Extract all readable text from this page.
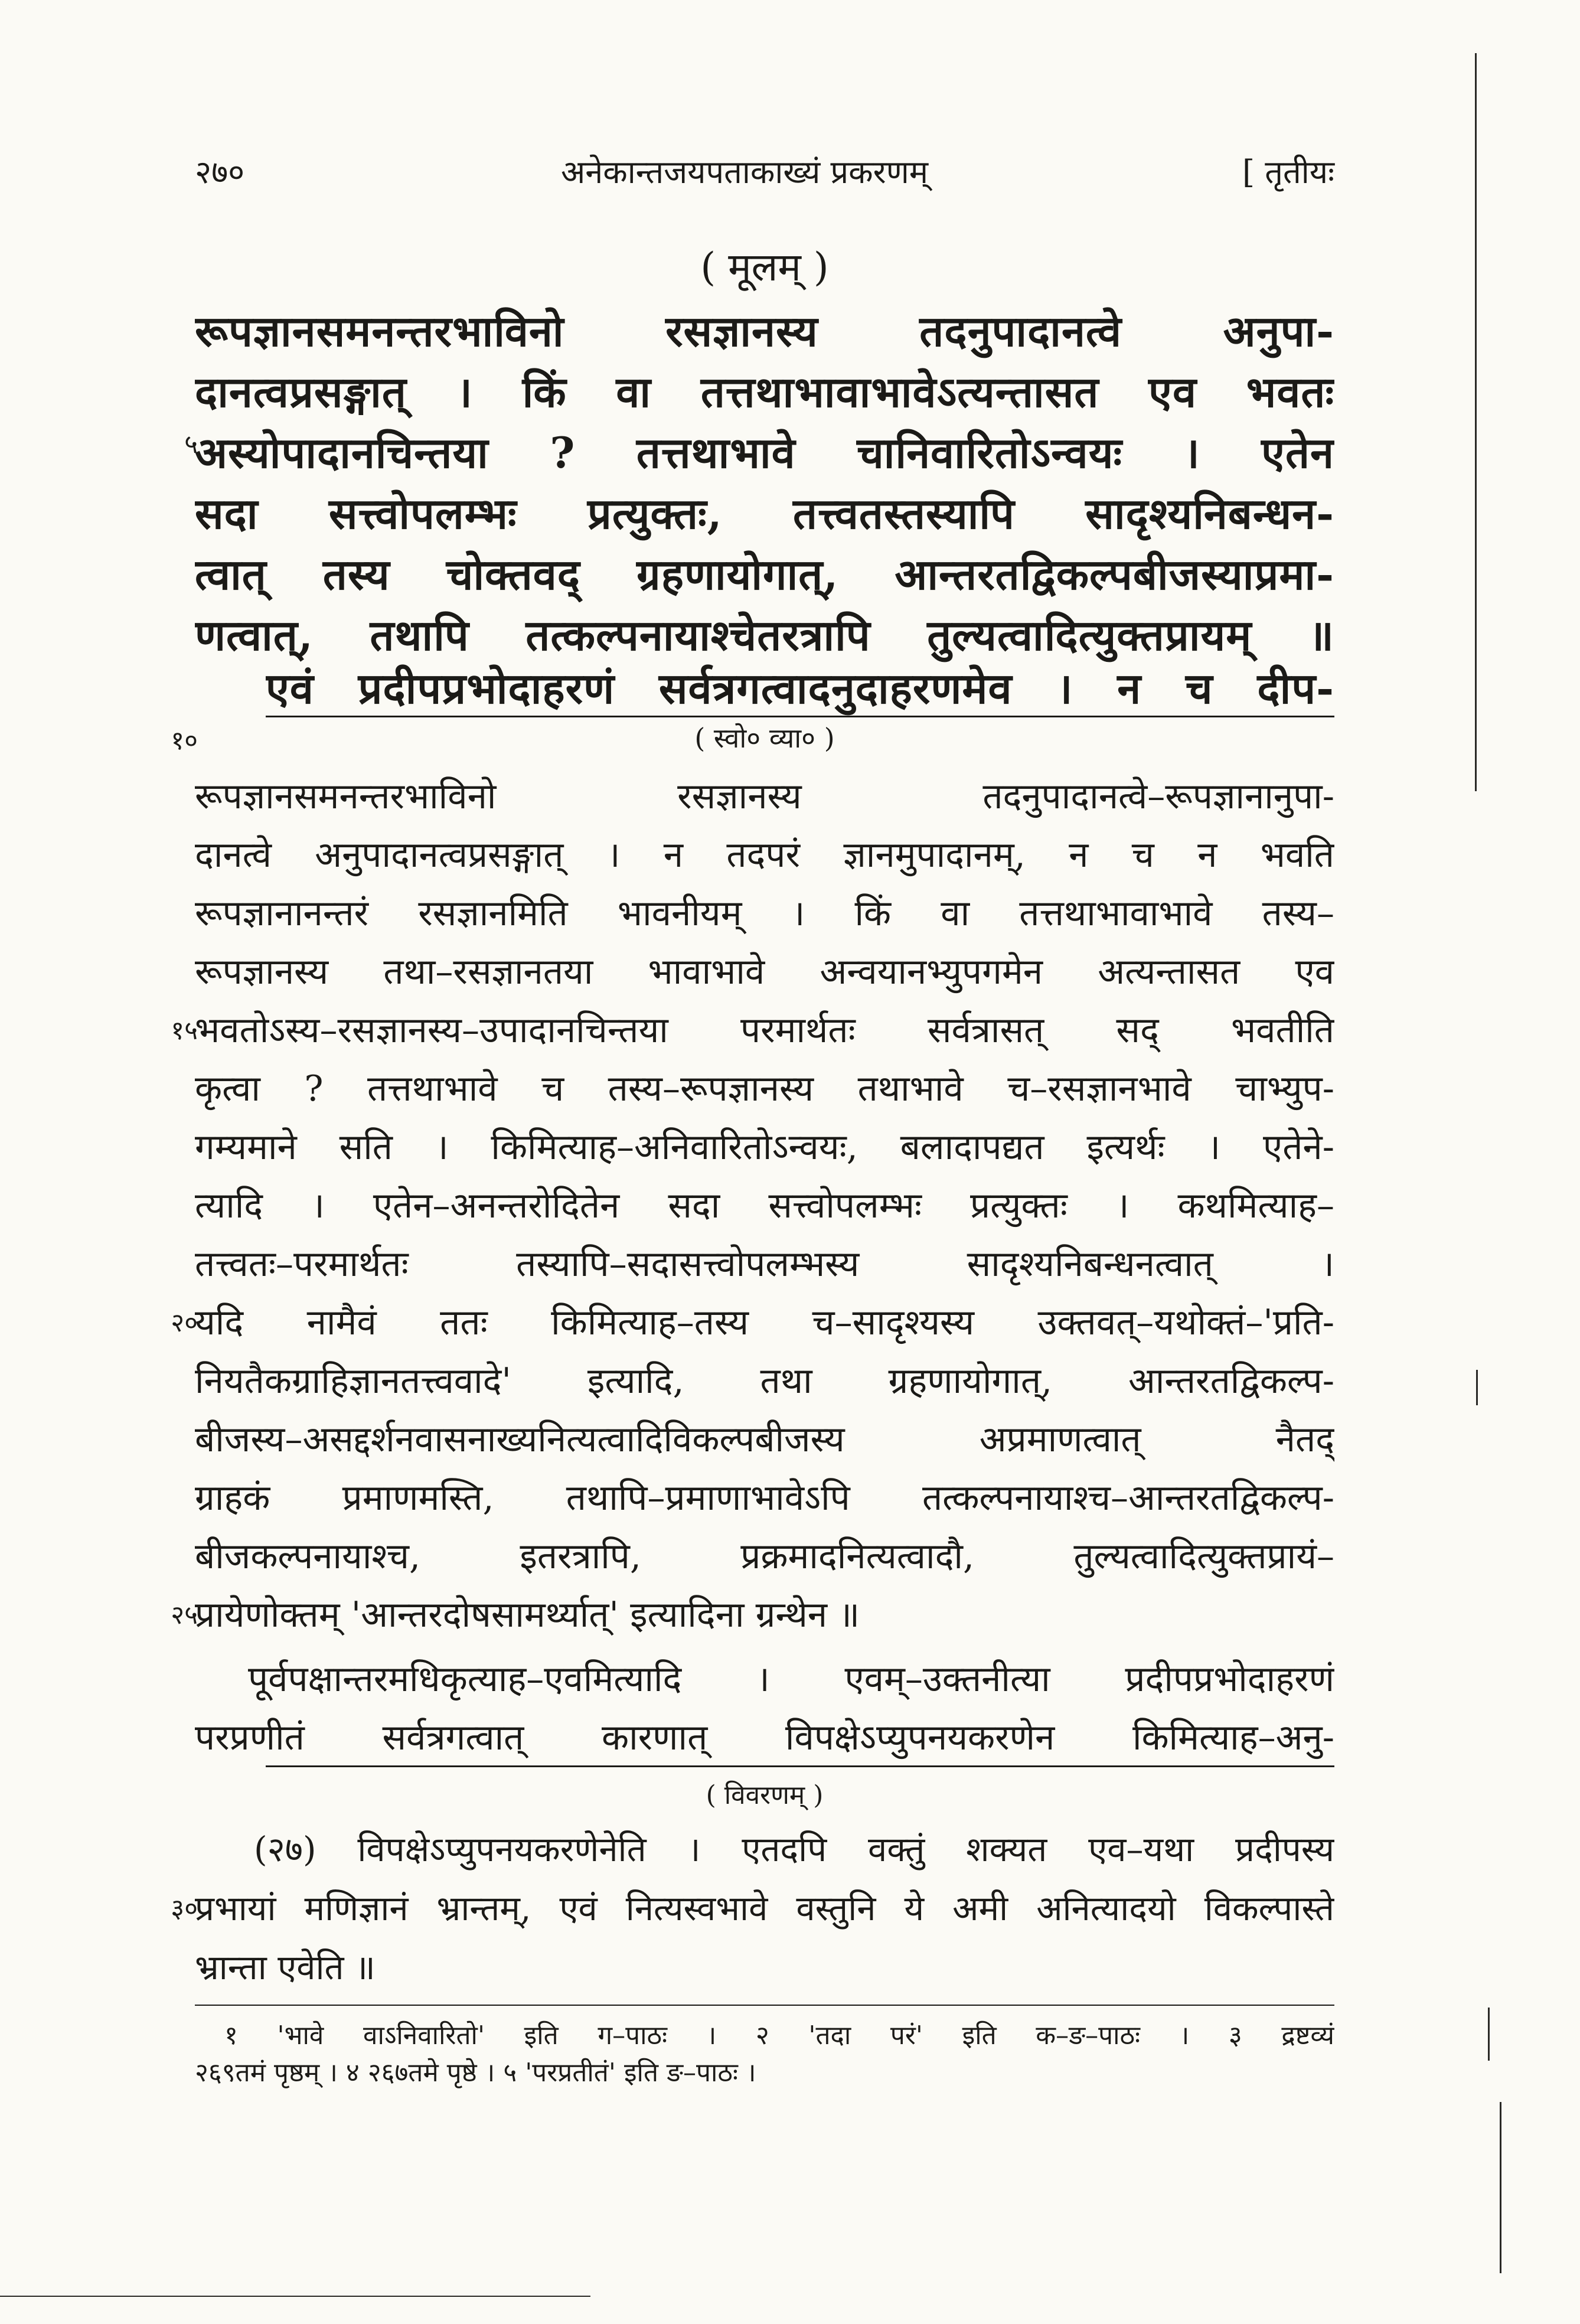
२७०	अनेकान्तजयपताकाख्यं प्रकरणम्	[ तृतीयः
( मूलम् )
रूपज्ञानसमनन्तरभाविनो रसज्ञानस्य तदनुपादानत्वे अनुपा-
दानत्वप्रसङ्गात् । किं वा तत्तथाभावाभावेऽत्यन्तासत एव भवतः
अस्योपादानचिन्तया ? तत्तथाभावे चानिवारितोऽन्वयः । एतेन
सदा सत्त्वोपलम्भः प्रत्युक्तः, तत्त्वतस्तस्यापि सादृश्यनिबन्धन-
त्वात् तस्य चोक्तवद् ग्रहणायोगात्, आन्तरतद्विकल्पबीजस्याप्रमा-
णत्वात्, तथापि तत्कल्पनायाश्चेतरत्रापि तुल्यत्वादित्युक्तप्रायम् ॥
एवं प्रदीपप्रभोदाहरणं सर्वत्रगत्वादनुदाहरणमेव । न च दीप-
५
१०	( स्वो० व्या० )
रूपज्ञानसमनन्तरभाविनो रसज्ञानस्य तदनुपादानत्वे–रूपज्ञानानुपा-
दानत्वे अनुपादानत्वप्रसङ्गात् । न तदपरं ज्ञानमुपादानम्, न च न भवति
रूपज्ञानानन्तरं रसज्ञानमिति भावनीयम् । किं वा तत्तथाभावाभावे तस्य–
रूपज्ञानस्य तथा–रसज्ञानतया भावाभावे अन्वयानभ्युपगमेन अत्यन्तासत एव
भवतोऽस्य–रसज्ञानस्य–उपादानचिन्तया परमार्थतः सर्वत्रासत् सद् भवतीति
कृत्वा ? तत्तथाभावे च तस्य–रूपज्ञानस्य तथाभावे च–रसज्ञानभावे चाभ्युप-
गम्यमाने सति । किमित्याह–अनिवारितोऽन्वयः, बलादापद्यत इत्यर्थः । एतेने-
त्यादि । एतेन–अनन्तरोदितेन सदा सत्त्वोपलम्भः प्रत्युक्तः । कथमित्याह–
तत्त्वतः–परमार्थतः तस्यापि–सदासत्त्वोपलम्भस्य सादृश्यनिबन्धनत्वात् ।
यदि नामैवं ततः किमित्याह–तस्य च–सादृश्यस्य उक्तवत्–यथोक्तं–'प्रति-
नियतैकग्राहिज्ञानतत्त्ववादे' इत्यादि, तथा ग्रहणायोगात्, आन्तरतद्विकल्प-
बीजस्य–असद्दर्शनवासनाख्यनित्यत्वादिविकल्पबीजस्य अप्रमाणत्वात् नैतद्
ग्राहकं प्रमाणमस्ति, तथापि–प्रमाणाभावेऽपि तत्कल्पनायाश्च–आन्तरतद्विकल्प-
बीजकल्पनायाश्च, इतरत्रापि, प्रक्रमादनित्यत्वादौ, तुल्यत्वादित्युक्तप्रायं–
प्रायेणोक्तम् 'आन्तरदोषसामर्थ्यात्' इत्यादिना ग्रन्थेन ॥
पूर्वपक्षान्तरमधिकृत्याह–एवमित्यादि । एवम्–उक्तनीत्या प्रदीपप्रभोदाहरणं
परप्रणीतं सर्वत्रगत्वात् कारणात् विपक्षेऽप्युपनयकरणेन किमित्याह–अनु-
१५
२०
२५
( विवरणम् )
(२७) विपक्षेऽप्युपनयकरणेनेति । एतदपि वक्तुं शक्यत एव–यथा प्रदीपस्य
प्रभायां मणिज्ञानं भ्रान्तम्, एवं नित्यस्वभावे वस्तुनि ये अमी अनित्यादयो विकल्पास्ते
भ्रान्ता एवेति ॥
३०
१ 'भावे वाऽनिवारितो' इति ग–पाठः । २ 'तदा परं' इति क–ङ–पाठः । ३ द्रष्टव्यं
२६९तमं पृष्ठम् । ४ २६७तमे पृष्ठे । ५ 'परप्रतीतं' इति ङ–पाठः ।
